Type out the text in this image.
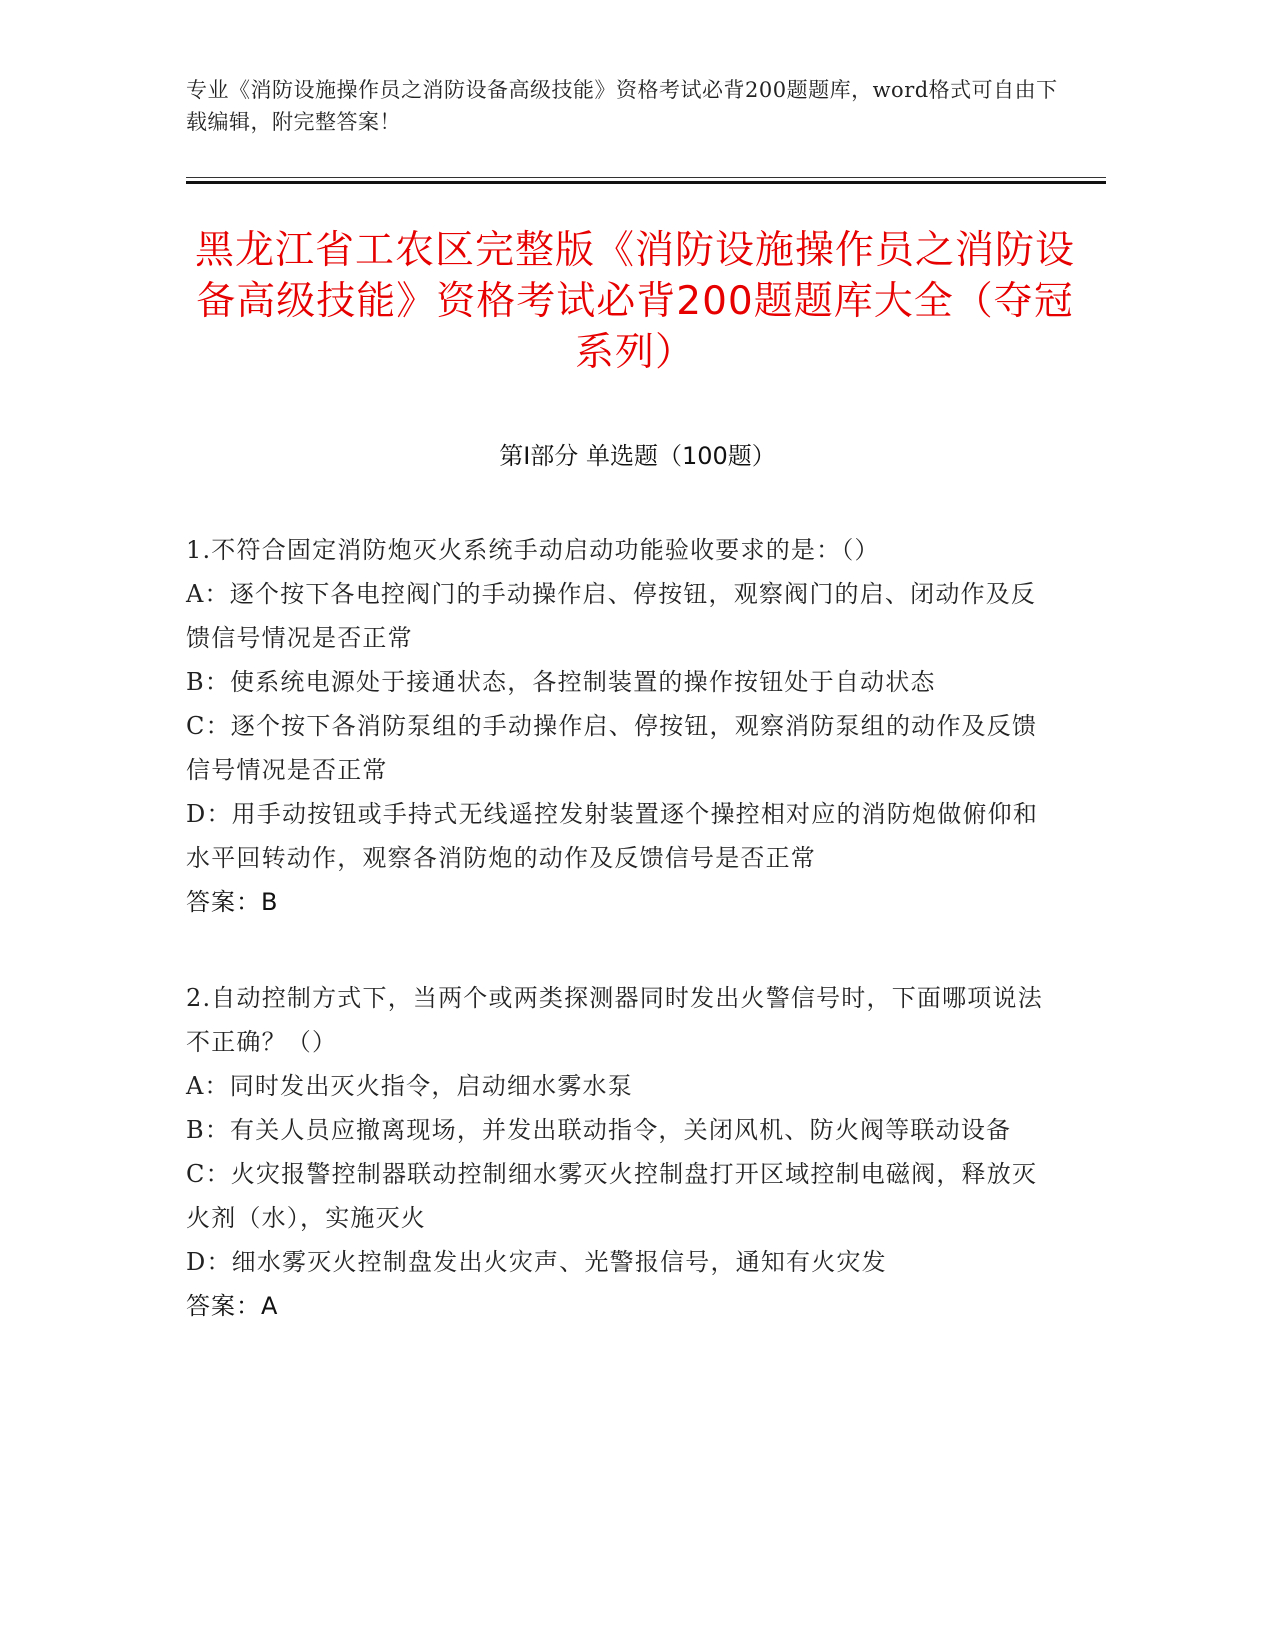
专业《消防设施操作员之消防设备高级技能》资格考试必背200题题库，word格式可自由下载编辑，附完整答案！
黑龙江省工农区完整版《消防设施操作员之消防设备高级技能》资格考试必背200题题库大全（夺冠系列）
第I部分 单选题（100题）

1.不符合固定消防炮灭火系统手动启动功能验收要求的是：（）

A：逐个按下各电控阀门的手动操作启、停按钮，观察阀门的启、闭动作及反馈信号情况是否正常

B：使系统电源处于接通状态，各控制装置的操作按钮处于自动状态

C：逐个按下各消防泵组的手动操作启、停按钮，观察消防泵组的动作及反馈信号情况是否正常

D：用手动按钮或手持式无线遥控发射装置逐个操控相对应的消防炮做俯仰和水平回转动作，观察各消防炮的动作及反馈信号是否正常

答案：B

2.自动控制方式下，当两个或两类探测器同时发出火警信号时，下面哪项说法不正确？（）

A：同时发出灭火指令，启动细水雾水泵

B：有关人员应撤离现场，并发出联动指令，关闭风机、防火阀等联动设备

C：火灾报警控制器联动控制细水雾灭火控制盘打开区域控制电磁阀，释放灭火剂（水），实施灭火

D：细水雾灭火控制盘发出火灾声、光警报信号，通知有火灾发

答案：A
